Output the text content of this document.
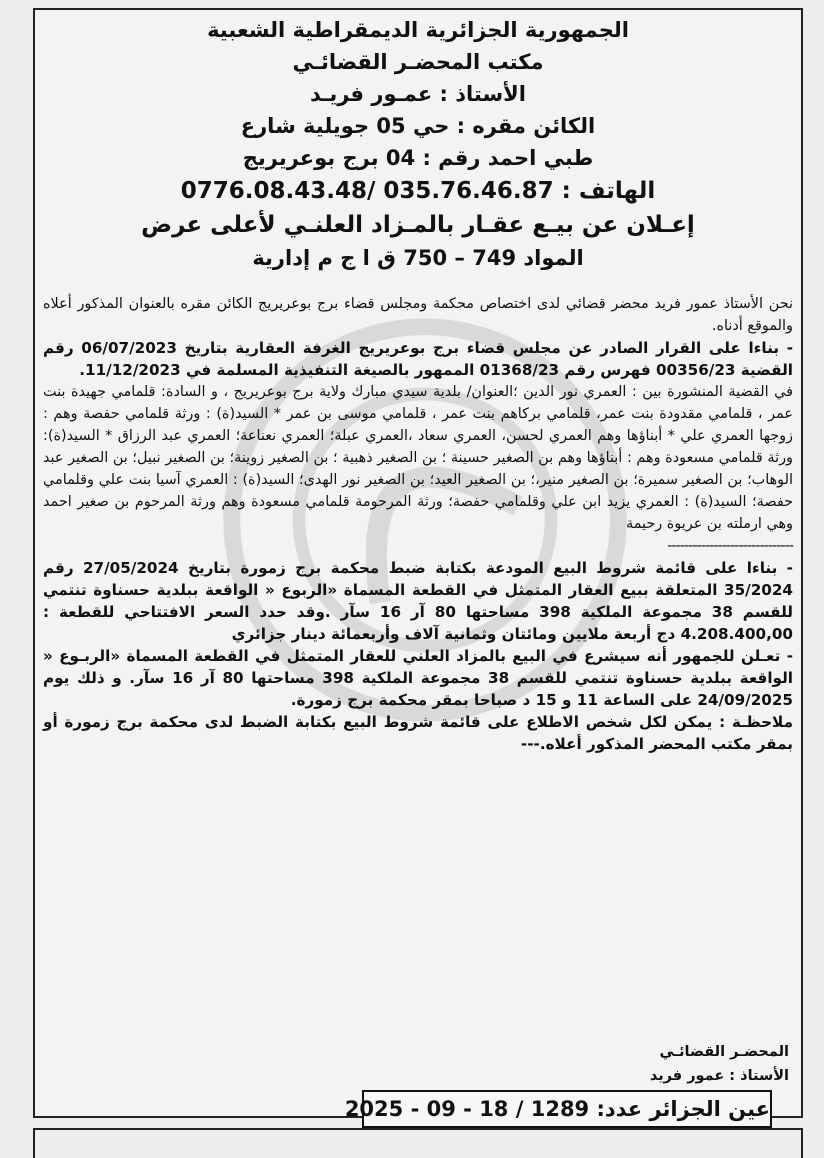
الجمهورية الجزائرية الديمقراطية الشعبية
مكتب المحضـر القضائـي
الأستاذ : عمـور فريـد
الكائن مقره : حي 05 جويلية شارع
طبي احمد رقم : 04 برج بوعريريج
الهاتف : 035.76.46.87 /0776.08.43.48
إعـلان عن بيـع عقـار بالمـزاد العلنـي لأعلى عرض
المواد 749 – 750 ق ا ج م إدارية

نحن الأستاذ عمور فريد محضر قضائي لدى اختصاص محكمة ومجلس قضاء برج بوعريريج الكائن مقره بالعنوان المذكور أعلاه والموقع أدناه.

- بناءا على القرار الصادر عن مجلس قضاء برج بوعريريج الغرفة العقارية بتاريخ 06/07/2023 رقم القضية 00356/23 فهرس رقم 01368/23 الممهور بالصيغة التنفيذية المسلمة في 11/12/2023.

في القضية المنشورة بين : العمري نور الدين ؛العنوان/ بلدية سيدي مبارك ولاية برج بوعريريج ، و السادة: قلمامي جهيدة بنت عمر ، قلمامي مقدودة بنت عمر، قلمامي بركاهم بنت عمر ، قلمامي موسى بن عمر * السيد(ة) : ورثة قلمامي حفصة وهم : زوجها العمري علي * أبناؤها وهم العمري لحسن، العمري سعاد ،العمري عبلة؛ العمري نعناعة؛ العمري عبد الرزاق * السيد(ة): ورثة قلمامي مسعودة وهم : أبناؤها وهم بن الصغير حسينة ؛ بن الصغير ذهبية ؛ بن الصغير زوينة؛ بن الصغير نبيل؛ بن الصغير عبد الوهاب؛ بن الصغير سميرة؛ بن الصغير منير،؛ بن الصغير العيد؛ بن الصغير نور الهدى؛ السيد(ة) : العمري آسيا بنت علي وقلمامي حفصة؛ السيد(ة) : العمري يزيد ابن علي وقلمامي حفصة؛ ورثة المرحومة قلمامي مسعودة وهم ورثة المرحوم بن صغير احمد وهي ارملته بن عريوة رحيمة

------------------------------

- بناءا على قائمة شروط البيع المودعة بكتابة ضبط محكمة برج زمورة بتاريخ 27/05/2024 رقم 35/2024 المتعلقة ببيع العقار المتمثل في القطعة المسماة «الربوع « الواقعة ببلدية حسناوة تنتمي للقسم 38 مجموعة الملكية 398 مساحتها 80 آر 16 سآر .وقد حدد السعر الافتتاحي للقطعة : 4.208.400,00 دج أربعة ملايين ومائتان وثمانية آلاف وأربعمائة دينار جزائري

- تعـلن للجمهور أنه سيشرع في البيع بالمزاد العلني للعقار المتمثل في القطعة المسماة «الربـوع « الواقعة ببلدية حسناوة تنتمي للقسم 38 مجموعة الملكية 398 مساحتها 80 آر 16 سآر. و ذلك يوم 24/09/2025 على الساعة 11 و 15 د صباحا بمقر محكمة برج زمورة.

ملاحظـة : يمكن لكل شخص الاطلاع على قائمة شروط البيع بكتابة الضبط لدى محكمة برج زمورة أو بمقر مكتب المحضر المذكور أعلاه.---

المحضـر القضائـي
الأستاذ : عمور فريد
عين الجزائر عدد: 1289 / 18 - 09 - 2025
